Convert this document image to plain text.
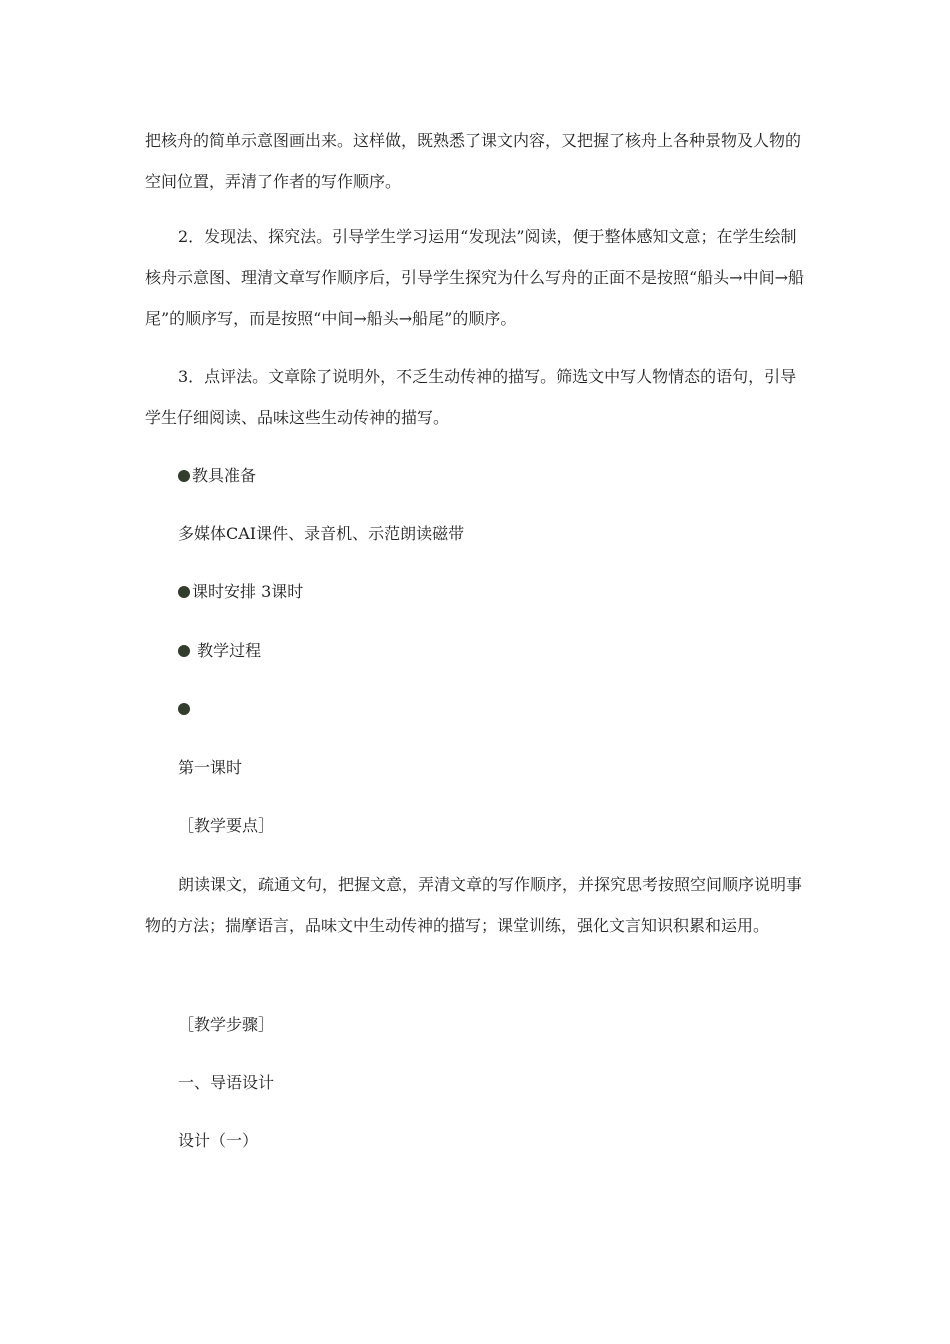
把核舟的简单示意图画出来。这样做，既熟悉了课文内容，又把握了核舟上各种景物及人物的空间位置，弄清了作者的写作顺序。

2．发现法、探究法。引导学生学习运用“发现法”阅读，便于整体感知文意；在学生绘制核舟示意图、理清文章写作顺序后，引导学生探究为什么写舟的正面不是按照“船头→中间→船尾”的顺序写，而是按照“中间→船头→船尾”的顺序。

3．点评法。文章除了说明外，不乏生动传神的描写。筛选文中写人物情态的语句，引导学生仔细阅读、品味这些生动传神的描写。

教具准备

多媒体CAI课件、录音机、示范朗读磁带

课时安排 3课时

教学过程

第一课时

［教学要点］

朗读课文，疏通文句，把握文意，弄清文章的写作顺序，并探究思考按照空间顺序说明事物的方法；揣摩语言，品味文中生动传神的描写；课堂训练，强化文言知识积累和运用。

［教学步骤］

一、导语设计

设计（一）
